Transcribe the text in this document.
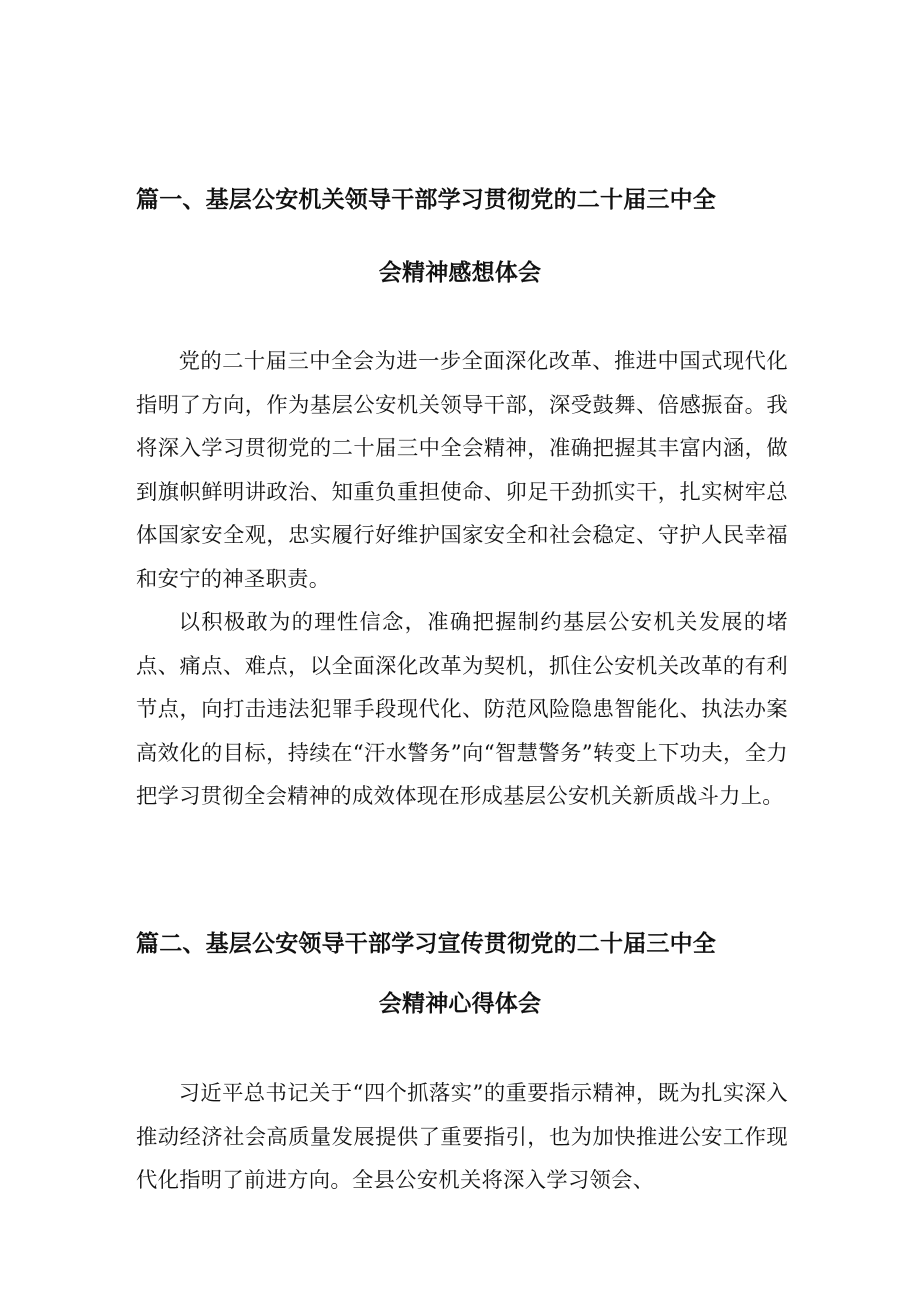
篇一、基层公安机关领导干部学习贯彻党的二十届三中全
会精神感想体会

党的二十届三中全会为进一步全面深化改革、推进中国式现代化指明了方向，作为基层公安机关领导干部，深受鼓舞、倍感振奋。我将深入学习贯彻党的二十届三中全会精神，准确把握其丰富内涵，做到旗帜鲜明讲政治、知重负重担使命、卯足干劲抓实干，扎实树牢总体国家安全观，忠实履行好维护国家安全和社会稳定、守护人民幸福和安宁的神圣职责。

以积极敢为的理性信念，准确把握制约基层公安机关发展的堵点、痛点、难点，以全面深化改革为契机，抓住公安机关改革的有利节点，向打击违法犯罪手段现代化、防范风险隐患智能化、执法办案高效化的目标，持续在“汗水警务”向“智慧警务”转变上下功夫，全力把学习贯彻全会精神的成效体现在形成基层公安机关新质战斗力上。

篇二、基层公安领导干部学习宣传贯彻党的二十届三中全
会精神心得体会

习近平总书记关于“四个抓落实”的重要指示精神，既为扎实深入推动经济社会高质量发展提供了重要指引，也为加快推进公安工作现代化指明了前进方向。全县公安机关将深入学习领会、
